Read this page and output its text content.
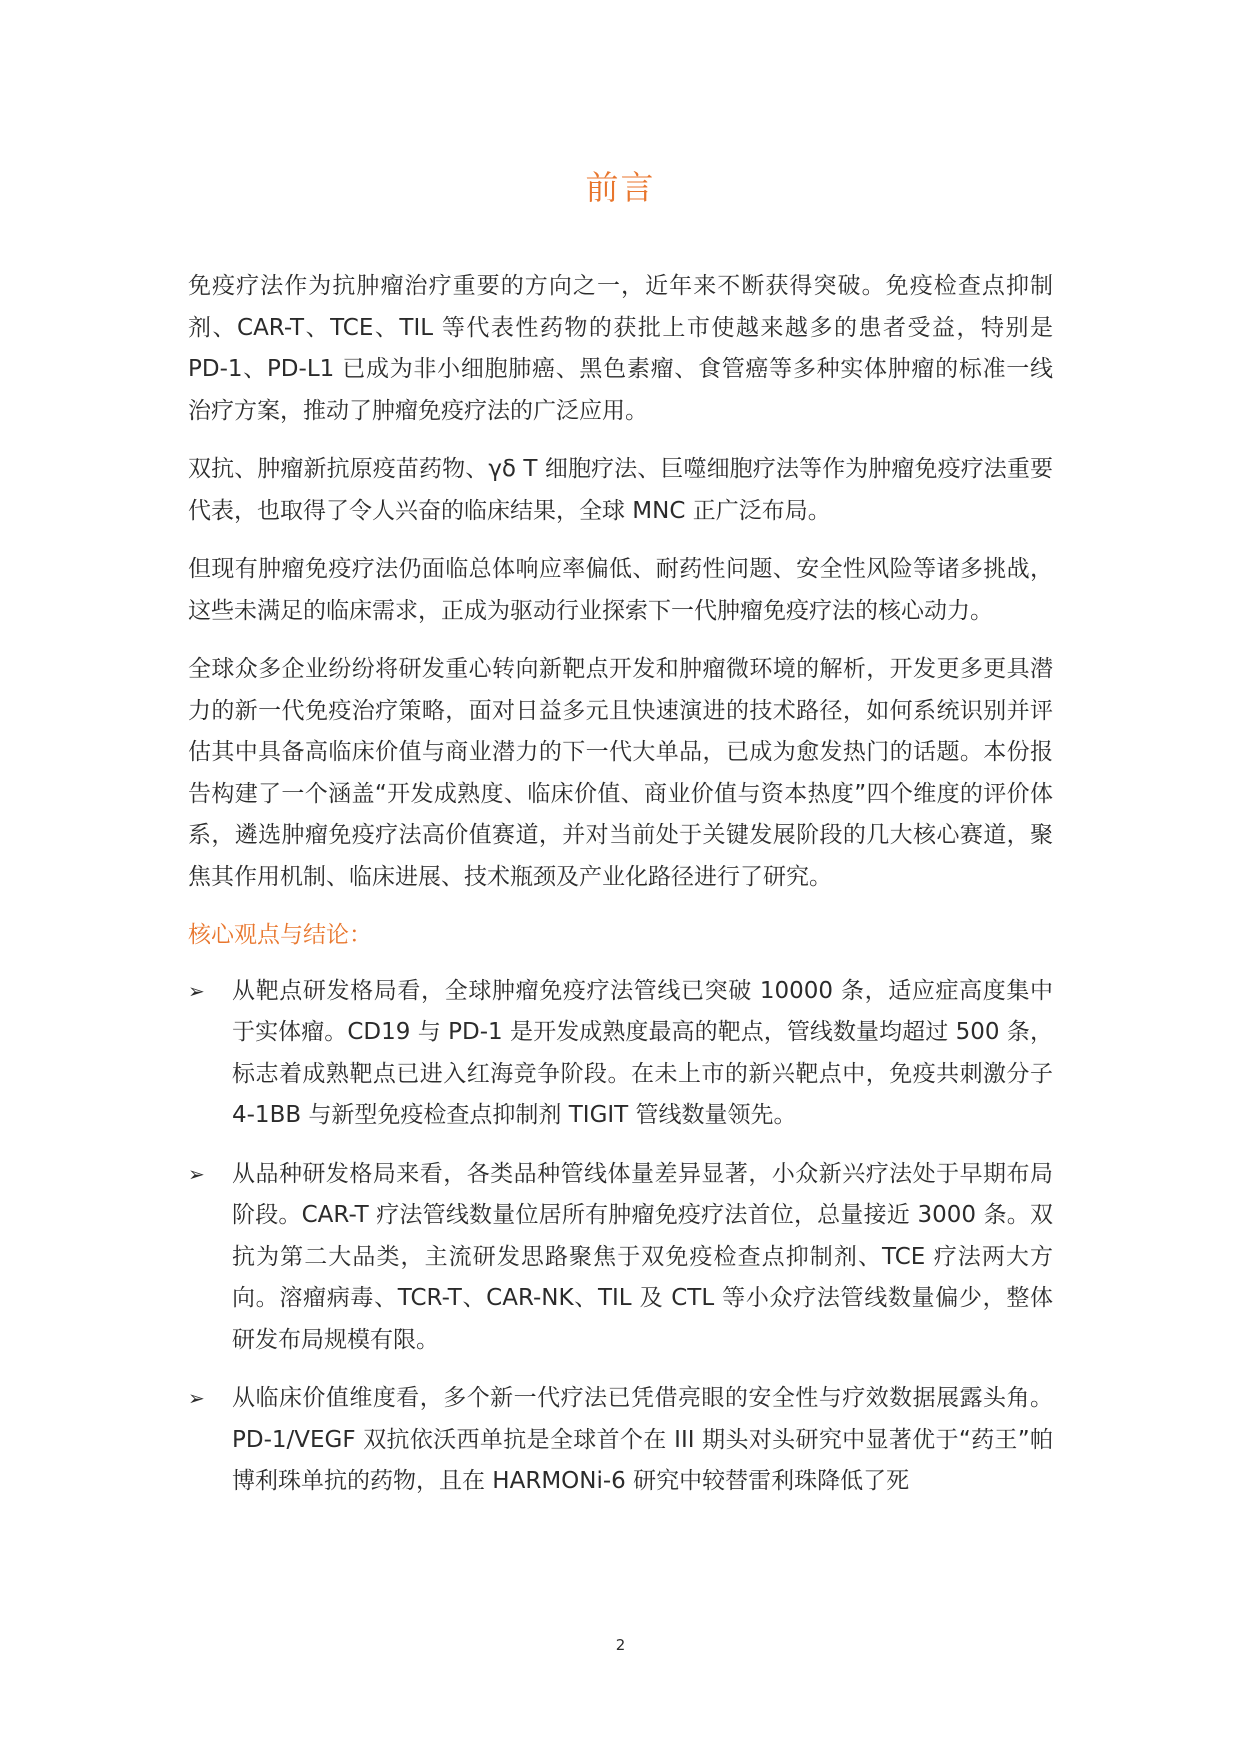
前言

免疫疗法作为抗肿瘤治疗重要的方向之一，近年来不断获得突破。免疫检查点抑制剂、CAR-T、TCE、TIL 等代表性药物的获批上市使越来越多的患者受益，特别是 PD-1、PD-L1 已成为非小细胞肺癌、黑色素瘤、食管癌等多种实体肿瘤的标准一线治疗方案，推动了肿瘤免疫疗法的广泛应用。

双抗、肿瘤新抗原疫苗药物、γδ T 细胞疗法、巨噬细胞疗法等作为肿瘤免疫疗法重要代表，也取得了令人兴奋的临床结果，全球 MNC 正广泛布局。

但现有肿瘤免疫疗法仍面临总体响应率偏低、耐药性问题、安全性风险等诸多挑战，这些未满足的临床需求，正成为驱动行业探索下一代肿瘤免疫疗法的核心动力。

全球众多企业纷纷将研发重心转向新靶点开发和肿瘤微环境的解析，开发更多更具潜力的新一代免疫治疗策略，面对日益多元且快速演进的技术路径，如何系统识别并评估其中具备高临床价值与商业潜力的下一代大单品，已成为愈发热门的话题。本份报告构建了一个涵盖“开发成熟度、临床价值、商业价值与资本热度”四个维度的评价体系，遴选肿瘤免疫疗法高价值赛道，并对当前处于关键发展阶段的几大核心赛道，聚焦其作用机制、临床进展、技术瓶颈及产业化路径进行了研究。

核心观点与结论：
➢ 从靶点研发格局看，全球肿瘤免疫疗法管线已突破 10000 条，适应症高度集中于实体瘤。CD19 与 PD-1 是开发成熟度最高的靶点，管线数量均超过 500 条，标志着成熟靶点已进入红海竞争阶段。在未上市的新兴靶点中，免疫共刺激分子 4-1BB 与新型免疫检查点抑制剂 TIGIT 管线数量领先。
➢ 从品种研发格局来看，各类品种管线体量差异显著，小众新兴疗法处于早期布局阶段。CAR-T 疗法管线数量位居所有肿瘤免疫疗法首位，总量接近 3000 条。双抗为第二大品类，主流研发思路聚焦于双免疫检查点抑制剂、TCE 疗法两大方向。溶瘤病毒、TCR-T、CAR-NK、TIL 及 CTL 等小众疗法管线数量偏少，整体研发布局规模有限。
➢ 从临床价值维度看，多个新一代疗法已凭借亮眼的安全性与疗效数据展露头角。PD-1/VEGF 双抗依沃西单抗是全球首个在 III 期头对头研究中显著优于“药王”帕博利珠单抗的药物，且在 HARMONi-6 研究中较替雷利珠降低了死
2
